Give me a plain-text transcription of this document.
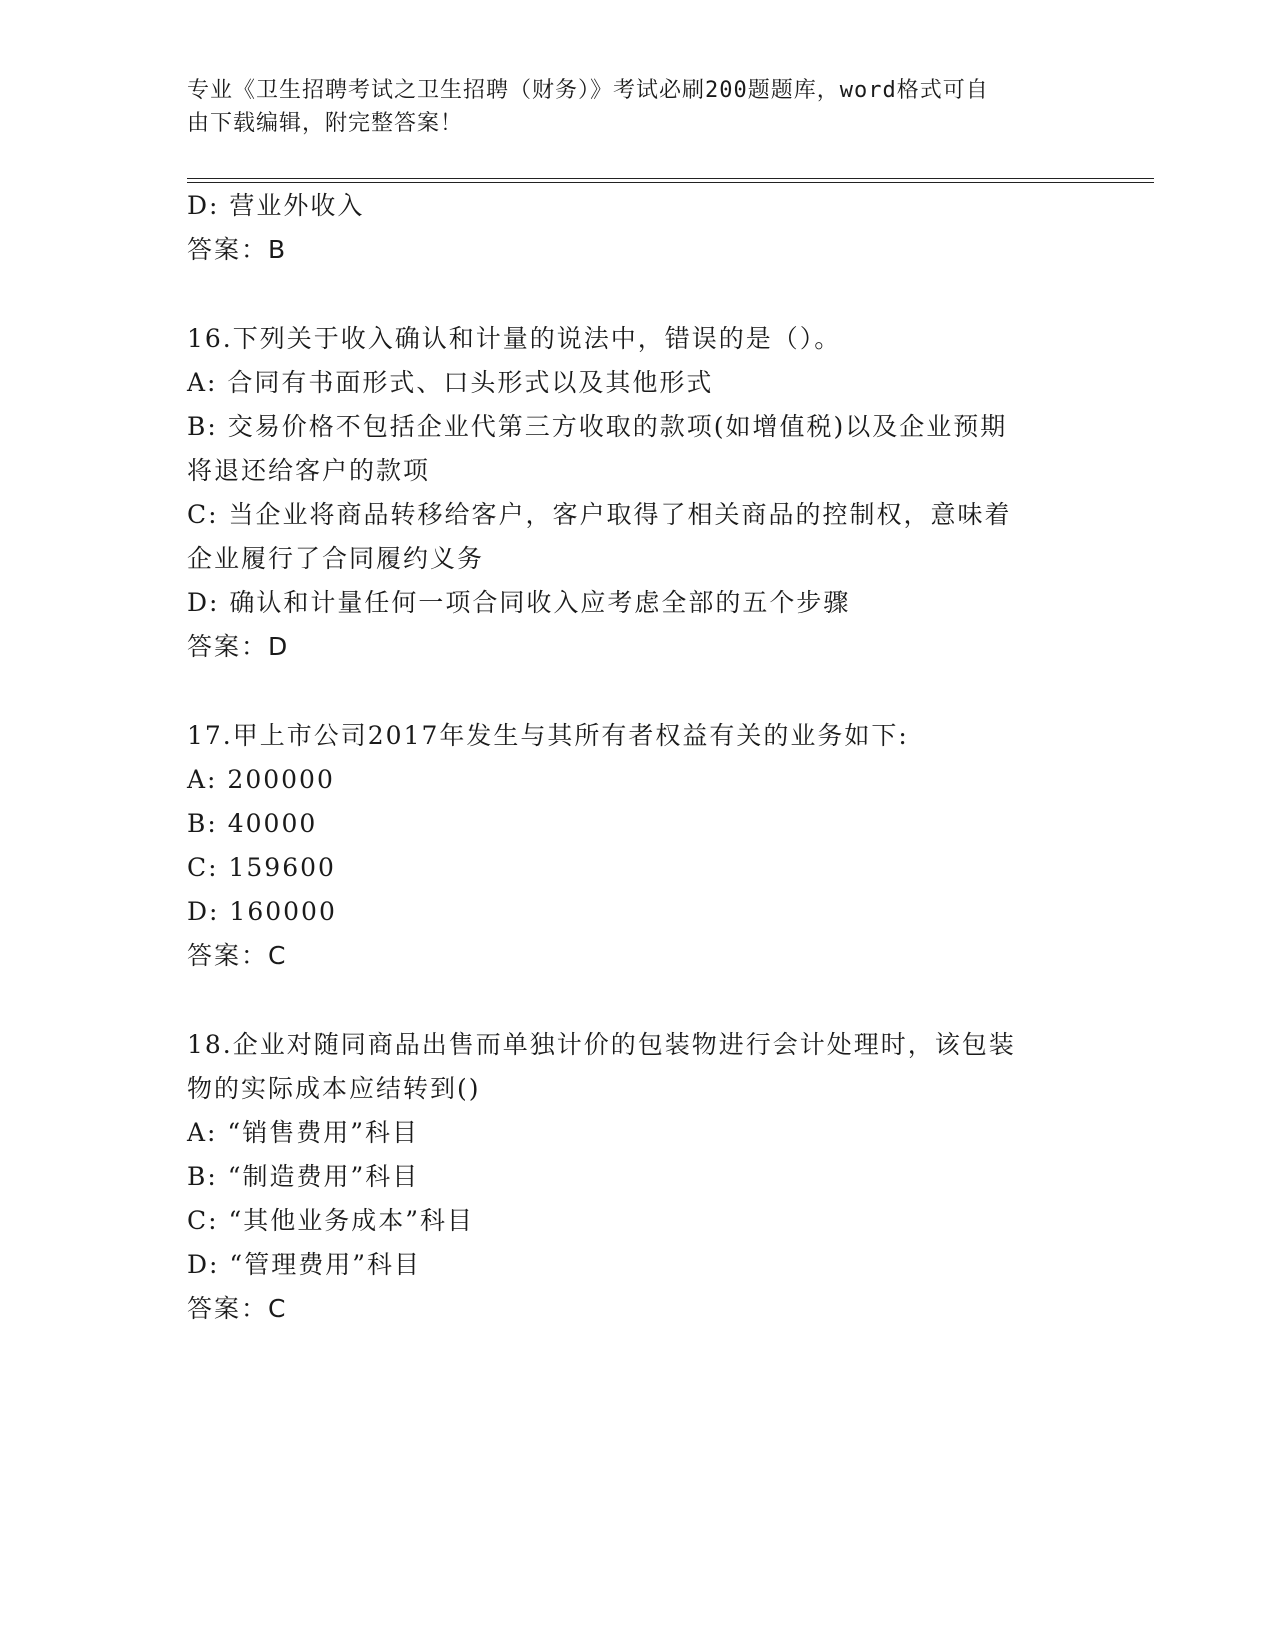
专业《卫生招聘考试之卫生招聘（财务）》考试必刷200题题库，word格式可自
由下载编辑，附完整答案！
D: 营业外收入
答案：B
16.下列关于收入确认和计量的说法中，错误的是（）。
A: 合同有书面形式、口头形式以及其他形式
B: 交易价格不包括企业代第三方收取的款项(如增值税)以及企业预期
将退还给客户的款项
C: 当企业将商品转移给客户，客户取得了相关商品的控制权，意味着
企业履行了合同履约义务
D: 确认和计量任何一项合同收入应考虑全部的五个步骤
答案：D
17.甲上市公司2017年发生与其所有者权益有关的业务如下:
A: 200000
B: 40000
C: 159600
D: 160000
答案：C
18.企业对随同商品出售而单独计价的包装物进行会计处理时，该包装
物的实际成本应结转到()
A: “销售费用”科目
B: “制造费用”科目
C: “其他业务成本”科目
D: “管理费用”科目
答案：C
